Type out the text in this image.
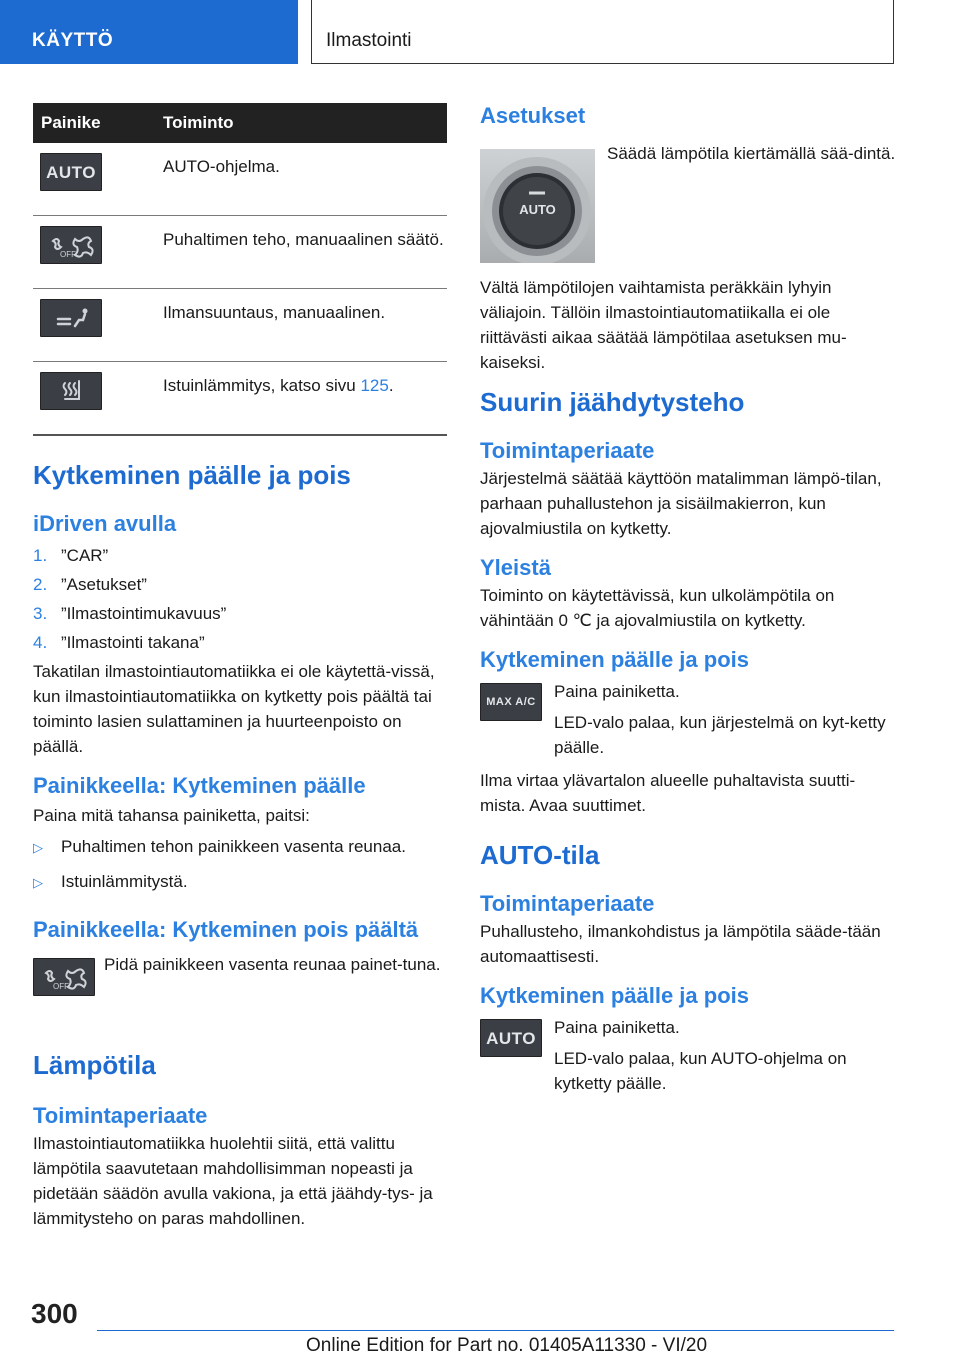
KÄYTTÖ	Ilmastointi
Painike	Toiminto

AUTO	AUTO-ohjelma.

OFF	Puhaltimen teho, manuaalinen säätö.

	Ilmansuuntaus, manuaalinen.

	Istuinlämmitys, katso sivu 125.
Kytkeminen päälle ja pois
iDriven avulla
1. ”CAR”
2. ”Asetukset”
3. ”Ilmastointimukavuus”
4. ”Ilmastointi takana”

Takatilan ilmastointiautomatiikka ei ole käytettä-vissä, kun ilmastointiautomatiikka on kytketty pois päältä tai toiminto lasien sulattaminen ja huurteenpoisto on päällä.

Painikkeella: Kytkeminen päälle

Paina mitä tahansa painiketta, paitsi:

▷ Puhaltimen tehon painikkeen vasenta reunaa.
▷ Istuinlämmitystä.
Painikkeella: Kytkeminen pois päältä
OFF

Pidä painikkeen vasenta reunaa painet-tuna.

Lämpötila
Toimintaperiaate

Ilmastointiautomatiikka huolehtii siitä, että valittu lämpötila saavutetaan mahdollisimman nopeasti ja pidetään säädön avulla vakiona, ja että jäähdy-tys- ja lämmitysteho on paras mahdollinen.

Asetukset
AUTO

Säädä lämpötila kiertämällä sää-dintä.

Vältä lämpötilojen vaihtamista peräkkäin lyhyin väliajoin. Tällöin ilmastointiautomatiikalla ei ole riittävästi aikaa säätää lämpötilaa asetuksen mu-kaiseksi.

Suurin jäähdytysteho
Toimintaperiaate

Järjestelmä säätää käyttöön matalimman lämpö-tilan, parhaan puhallustehon ja sisäilmakierron, kun ajovalmiustila on kytketty.

Yleistä

Toiminto on käytettävissä, kun ulkolämpötila on vähintään 0 ℃ ja ajovalmiustila on kytketty.

Kytkeminen päälle ja pois
MAX A/C

Paina painiketta.

LED-valo palaa, kun järjestelmä on kyt-ketty päälle.

Ilma virtaa ylävartalon alueelle puhaltavista suutti-mista. Avaa suuttimet.

AUTO-tila
Toimintaperiaate

Puhallusteho, ilmankohdistus ja lämpötila sääde-tään automaattisesti.

Kytkeminen päälle ja pois
AUTO

Paina painiketta.

LED-valo palaa, kun AUTO-ohjelma on kytketty päälle.

300
Online Edition for Part no. 01405A11330 - VI/20
